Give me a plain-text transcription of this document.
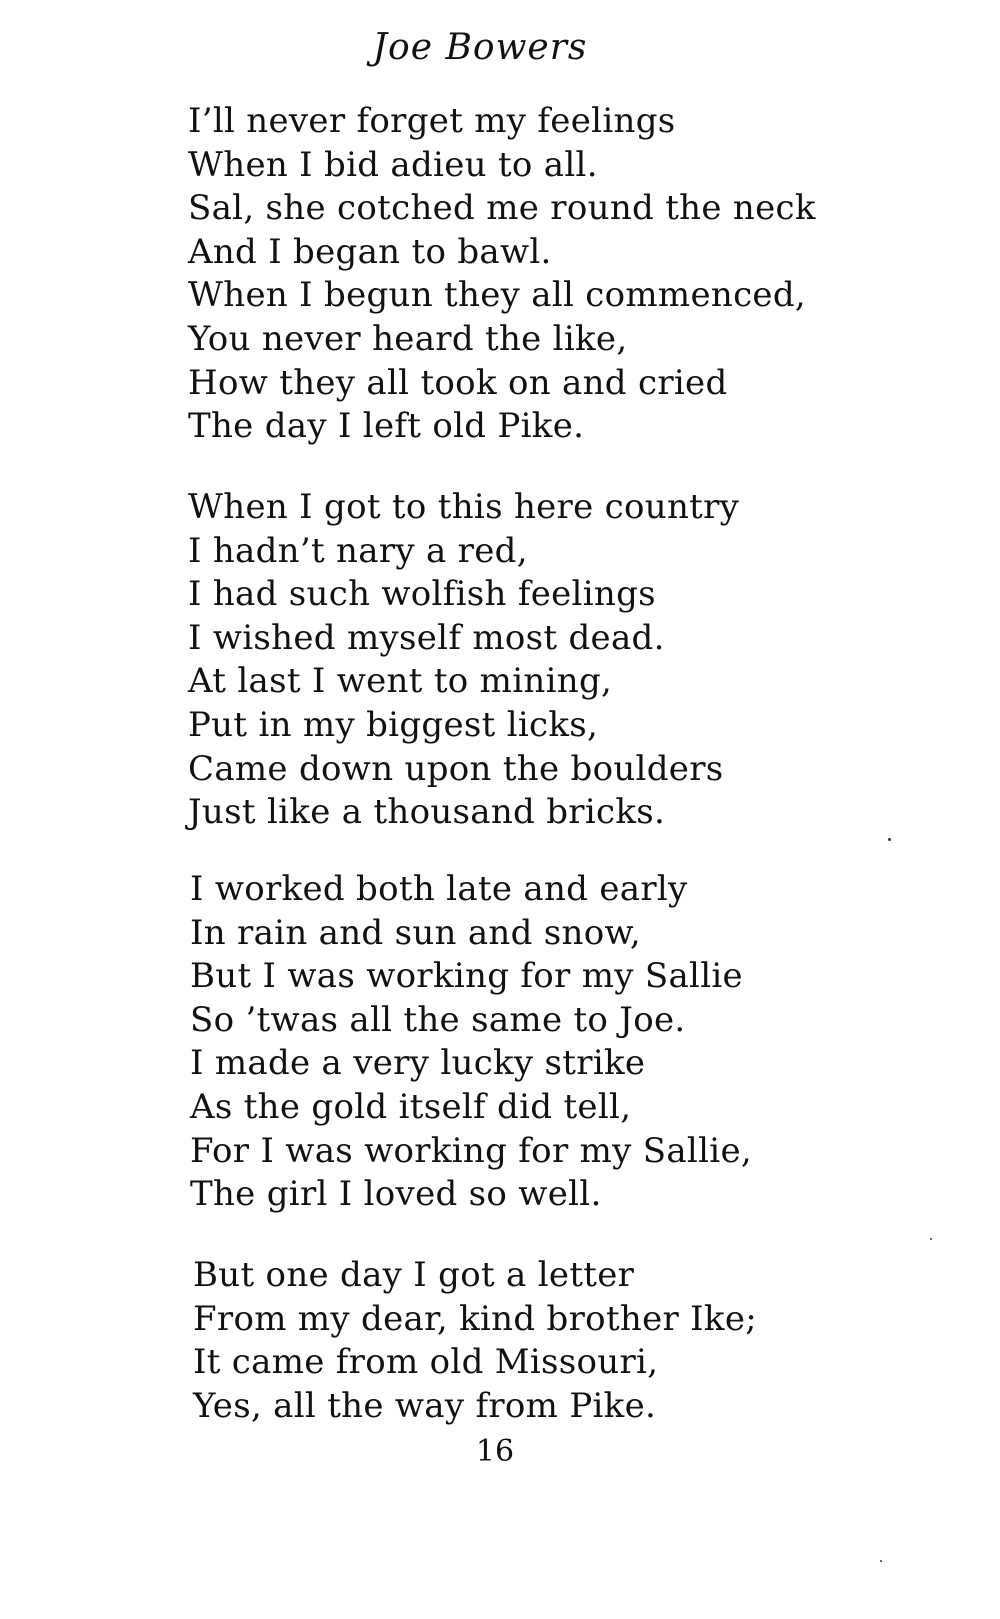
Joe Bowers
I’ll never forget my feelings
When I bid adieu to all.
Sal, she cotched me round the neck
And I began to bawl.
When I begun they all commenced,
You never heard the like,
How they all took on and cried
The day I left old Pike.
When I got to this here country
I hadn’t nary a red,
I had such wolfish feelings
I wished myself most dead.
At last I went to mining,
Put in my biggest licks,
Came down upon the boulders
Just like a thousand bricks.
I worked both late and early
In rain and sun and snow,
But I was working for my Sallie
So ’twas all the same to Joe.
I made a very lucky strike
As the gold itself did tell,
For I was working for my Sallie,
The girl I loved so well.
But one day I got a letter
From my dear, kind brother Ike;
It came from old Missouri,
Yes, all the way from Pike.
16
